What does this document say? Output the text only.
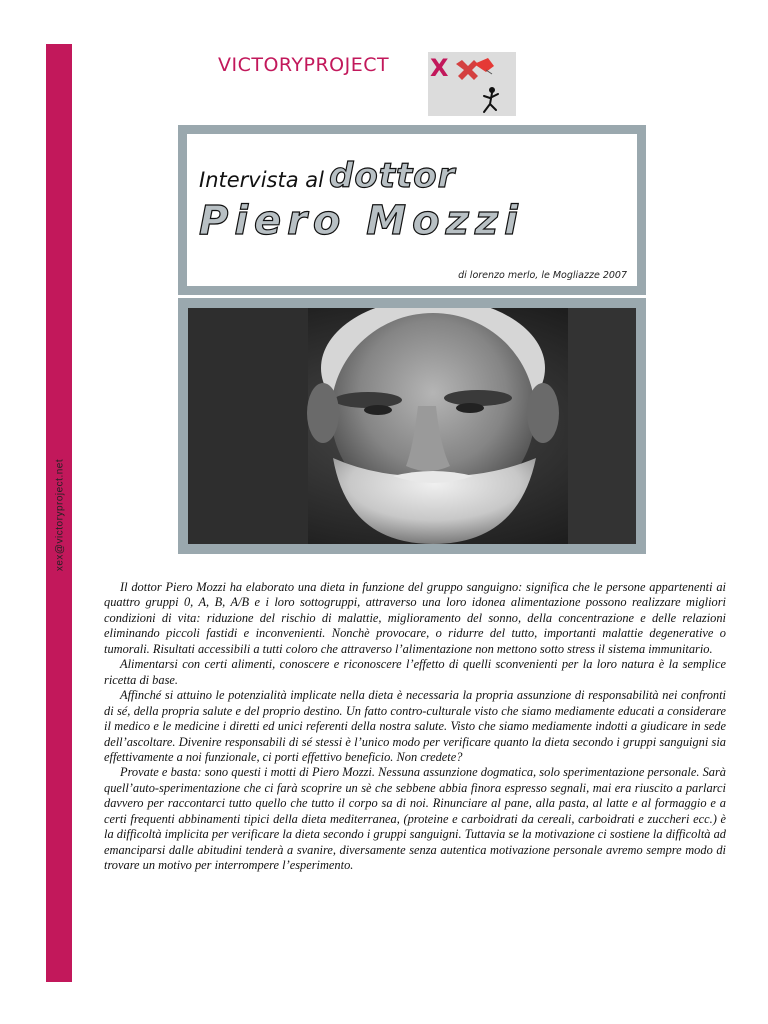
xex@victoryproject.net
VICTORYPROJECT X
Intervista al dottor
Piero Mozzi
di lorenzo merlo, le Mogliazze 2007

Il dottor Piero Mozzi ha elaborato una dieta in funzione del gruppo sanguigno: significa che le persone appartenenti ai quattro gruppi 0, A, B, A/B e i loro sottogruppi, attraverso una loro idonea alimentazione possono realizzare migliori condizioni di vita: riduzione del rischio di malattie, miglioramento del sonno, della concentrazione e delle relazioni eliminando piccoli fastidi e inconvenienti. Nonchè provocare, o ridurre del tutto, importanti malattie degenerative o tumorali. Risultati accessibili a tutti coloro che attraverso l’alimentazione non mettono sotto stress il sistema immunitario.

Alimentarsi con certi alimenti, conoscere e riconoscere l’effetto di quelli sconvenienti per la loro natura è la semplice ricetta di base.

Affinché si attuino le potenzialità implicate nella dieta è necessaria la propria assunzione di responsabilità nei confronti di sé, della propria salute e del proprio destino. Un fatto contro-culturale visto che siamo mediamente educati a considerare il medico e le medicine i diretti ed unici referenti della nostra salute. Visto che siamo mediamente indotti a giudicare in sede dell’ascoltare. Divenire responsabili di sé stessi è l’unico modo per verificare quanto la dieta secondo i gruppi sanguigni sia effettivamente a noi funzionale, ci porti effettivo beneficio. Non credete?

Provate e basta: sono questi i motti di Piero Mozzi. Nessuna assunzione dogmatica, solo sperimentazione personale. Sarà quell’auto-sperimentazione che ci farà scoprire un sè che sebbene abbia finora espresso segnali, mai era riuscito a parlarci davvero per raccontarci tutto quello che tutto il corpo sa di noi. Rinunciare al pane, alla pasta, al latte e al formaggio e a certi frequenti abbinamenti tipici della dieta mediterranea, (proteine e carboidrati da cereali, carboidrati e zuccheri ecc.) è la difficoltà implicita per verificare la dieta secondo i gruppi sanguigni. Tuttavia se la motivazione ci sostiene la difficoltà ad emanciparsi dalle abitudini tenderà a svanire, diversamente senza autentica motivazione personale avremo sempre modo di trovare un motivo per interrompere l’esperimento.
